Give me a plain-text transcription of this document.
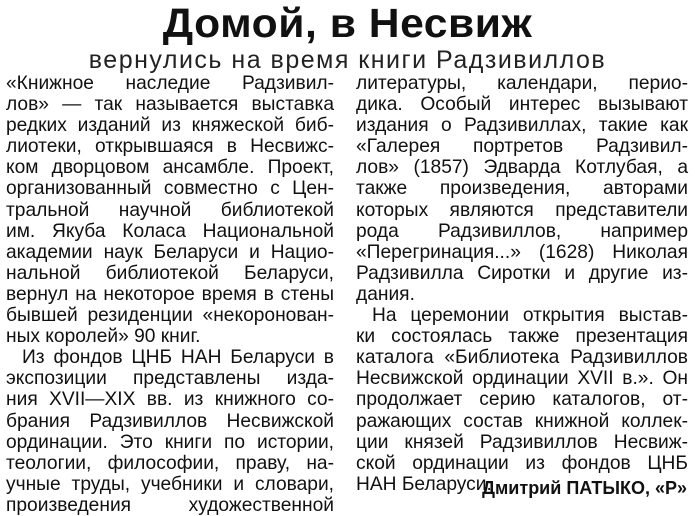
Домой, в Несвиж
вернулись на время книги Радзивиллов
«Книжное наследие Радзивил-
лов» — так называется выставка
редких изданий из княжеской биб-
лиотеки, открывшаяся в Несвижс-
ком дворцовом ансамбле. Проект,
организованный совместно с Цен-
тральной научной библиотекой
им. Якуба Коласа Национальной
академии наук Беларуси и Нацио-
нальной библиотекой Беларуси,
вернул на некоторое время в стены
бывшей резиденции «некоронован-
ных королей» 90 книг.
Из фондов ЦНБ НАН Беларуси в
экспозиции представлены изда-
ния XVII—XIX вв. из книжного со-
брания Радзивиллов Несвижской
ординации. Это книги по истории,
теологии, философии, праву, на-
учные труды, учебники и словари,
произведения художественной
литературы, календари, перио-
дика. Особый интерес вызывают
издания о Радзивиллах, такие как
«Галерея портретов Радзивил-
лов» (1857) Эдварда Котлубая, а
также произведения, авторами
которых являются представители
рода Радзивиллов, например
«Перегринация...» (1628) Николая
Радзивилла Сиротки и другие из-
дания.
На церемонии открытия выстав-
ки состоялась также презентация
каталога «Библиотека Радзивиллов
Несвижской ординации XVII в.». Он
продолжает серию каталогов, от-
ражающих состав книжной коллек-
ции князей Радзивиллов Несвиж-
ской ординации из фондов ЦНБ
НАН Беларуси.
Дмитрий ПАТЫКО, «Р»
